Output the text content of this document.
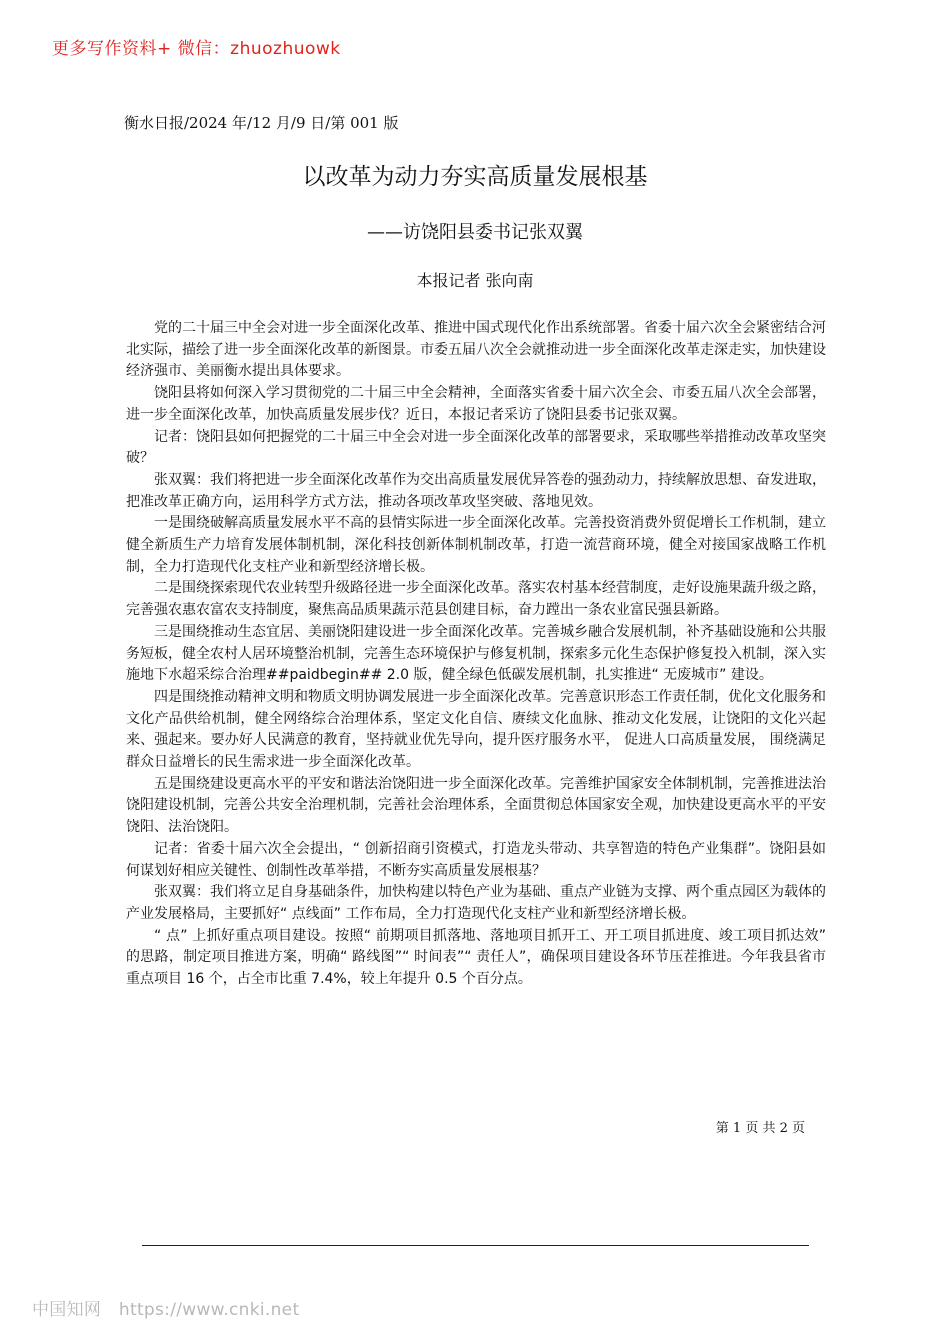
更多写作资料+ 微信：zhuozhuowk
衡水日报/2024 年/12 月/9 日/第 001 版
以改革为动力夯实高质量发展根基
——访饶阳县委书记张双翼
本报记者 张向南

党的二十届三中全会对进一步全面深化改革、推进中国式现代化作出系统部署。省委十届六次全会紧密结合河北实际，描绘了进一步全面深化改革的新图景。市委五届八次全会就推动进一步全面深化改革走深走实，加快建设经济强市、美丽衡水提出具体要求。

饶阳县将如何深入学习贯彻党的二十届三中全会精神，全面落实省委十届六次全会、市委五届八次全会部署，进一步全面深化改革，加快高质量发展步伐？近日，本报记者采访了饶阳县委书记张双翼。

记者：饶阳县如何把握党的二十届三中全会对进一步全面深化改革的部署要求，采取哪些举措推动改革攻坚突破？

张双翼：我们将把进一步全面深化改革作为交出高质量发展优异答卷的强劲动力，持续解放思想、奋发进取，把准改革正确方向，运用科学方式方法，推动各项改革攻坚突破、落地见效。

一是围绕破解高质量发展水平不高的县情实际进一步全面深化改革。完善投资消费外贸促增长工作机制，建立健全新质生产力培育发展体制机制，深化科技创新体制机制改革，打造一流营商环境，健全对接国家战略工作机制，全力打造现代化支柱产业和新型经济增长极。

二是围绕探索现代农业转型升级路径进一步全面深化改革。落实农村基本经营制度，走好设施果蔬升级之路，完善强农惠农富农支持制度，聚焦高品质果蔬示范县创建目标，奋力蹚出一条农业富民强县新路。

三是围绕推动生态宜居、美丽饶阳建设进一步全面深化改革。完善城乡融合发展机制，补齐基础设施和公共服务短板，健全农村人居环境整治机制，完善生态环境保护与修复机制，探索多元化生态保护修复投入机制，深入实施地下水超采综合治理##paidbegin## 2.0 版，健全绿色低碳发展机制，扎实推进“ 无废城市” 建设。

四是围绕推动精神文明和物质文明协调发展进一步全面深化改革。完善意识形态工作责任制，优化文化服务和文化产品供给机制，健全网络综合治理体系，坚定文化自信、赓续文化血脉、推动文化发展，让饶阳的文化兴起来、强起来。要办好人民满意的教育，坚持就业优先导向，提升医疗服务水平， 促进人口高质量发展， 围绕满足群众日益增长的民生需求进一步全面深化改革。

五是围绕建设更高水平的平安和谐法治饶阳进一步全面深化改革。完善维护国家安全体制机制，完善推进法治饶阳建设机制，完善公共安全治理机制，完善社会治理体系，全面贯彻总体国家安全观，加快建设更高水平的平安饶阳、法治饶阳。

记者：省委十届六次全会提出，“ 创新招商引资模式，打造龙头带动、共享智造的特色产业集群”。饶阳县如何谋划好相应关键性、创制性改革举措，不断夯实高质量发展根基？

张双翼：我们将立足自身基础条件，加快构建以特色产业为基础、重点产业链为支撑、两个重点园区为载体的产业发展格局，主要抓好“ 点线面” 工作布局，全力打造现代化支柱产业和新型经济增长极。

“ 点” 上抓好重点项目建设。按照“ 前期项目抓落地、落地项目抓开工、开工项目抓进度、竣工项目抓达效” 的思路，制定项目推进方案，明确“ 路线图”“ 时间表”“ 责任人”，确保项目建设各环节压茬推进。今年我县省市重点项目 16 个，占全市比重 7.4%，较上年提升 0.5 个百分点。

第 1 页 共 2 页
中国知网 https://www.cnki.net
